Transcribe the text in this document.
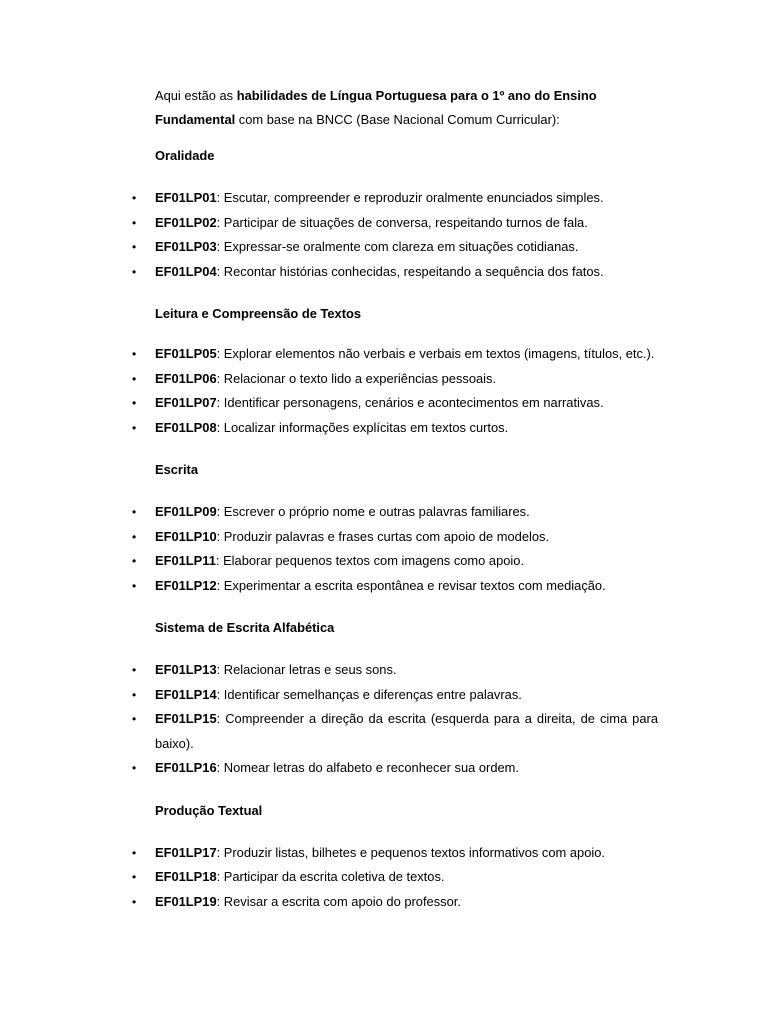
Aqui estão as habilidades de Língua Portuguesa para o 1º ano do Ensino Fundamental com base na BNCC (Base Nacional Comum Curricular):

Oralidade

• EF01LP01: Escutar, compreender e reproduzir oralmente enunciados simples.
• EF01LP02: Participar de situações de conversa, respeitando turnos de fala.
• EF01LP03: Expressar-se oralmente com clareza em situações cotidianas.
• EF01LP04: Recontar histórias conhecidas, respeitando a sequência dos fatos.

Leitura e Compreensão de Textos

• EF01LP05: Explorar elementos não verbais e verbais em textos (imagens, títulos, etc.).
• EF01LP06: Relacionar o texto lido a experiências pessoais.
• EF01LP07: Identificar personagens, cenários e acontecimentos em narrativas.
• EF01LP08: Localizar informações explícitas em textos curtos.

Escrita

• EF01LP09: Escrever o próprio nome e outras palavras familiares.
• EF01LP10: Produzir palavras e frases curtas com apoio de modelos.
• EF01LP11: Elaborar pequenos textos com imagens como apoio.
• EF01LP12: Experimentar a escrita espontânea e revisar textos com mediação.

Sistema de Escrita Alfabética

• EF01LP13: Relacionar letras e seus sons.
• EF01LP14: Identificar semelhanças e diferenças entre palavras.
• EF01LP15: Compreender a direção da escrita (esquerda para a direita, de cima para baixo).
• EF01LP16: Nomear letras do alfabeto e reconhecer sua ordem.

Produção Textual

• EF01LP17: Produzir listas, bilhetes e pequenos textos informativos com apoio.
• EF01LP18: Participar da escrita coletiva de textos.
• EF01LP19: Revisar a escrita com apoio do professor.
